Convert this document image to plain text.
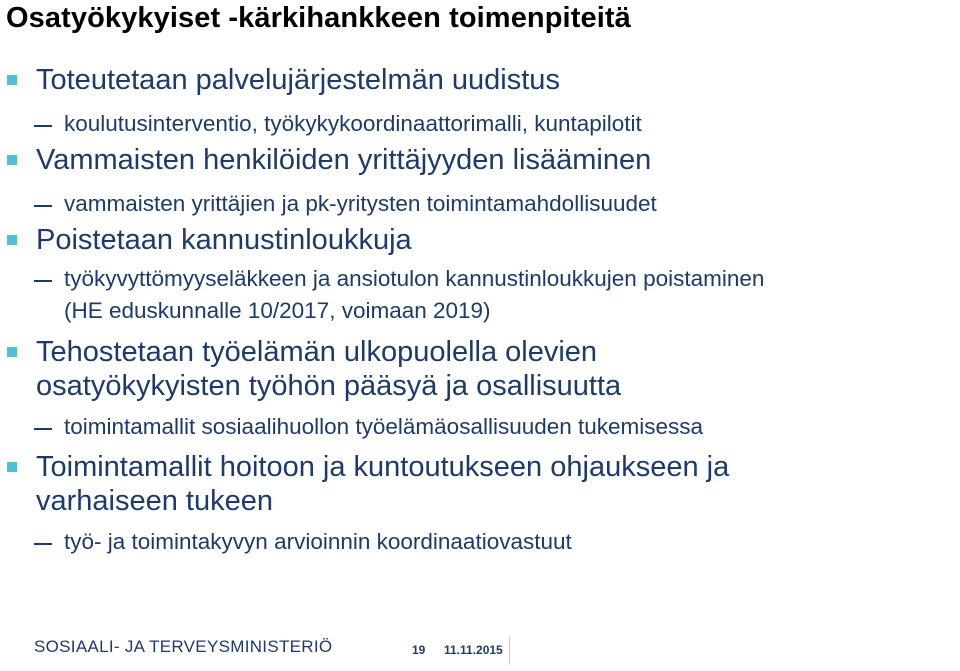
Osatyökykyiset -kärkihankkeen toimenpiteitä
Toteutetaan palvelujärjestelmän uudistus
koulutusinterventio, työkykykoordinaattorimalli, kuntapilotit
Vammaisten henkilöiden yrittäjyyden lisääminen
vammaisten yrittäjien ja pk-yritysten toimintamahdollisuudet
Poistetaan kannustinloukkuja
työkyvyttömyyseläkkeen ja ansiotulon kannustinloukkujen poistaminen (HE eduskunnalle 10/2017, voimaan 2019)
Tehostetaan työelämän ulkopuolella olevien osatyökykyisten työhön pääsyä ja osallisuutta
toimintamallit sosiaalihuollon työelämäosallisuuden tukemisessa
Toimintamallit hoitoon ja kuntoutukseen ohjaukseen ja varhaiseen tukeen
työ- ja toimintakyvyn arvioinnin koordinaatiovastuut
SOSIAALI- JA TERVEYSMINISTERIÖ	19 11.11.2015
